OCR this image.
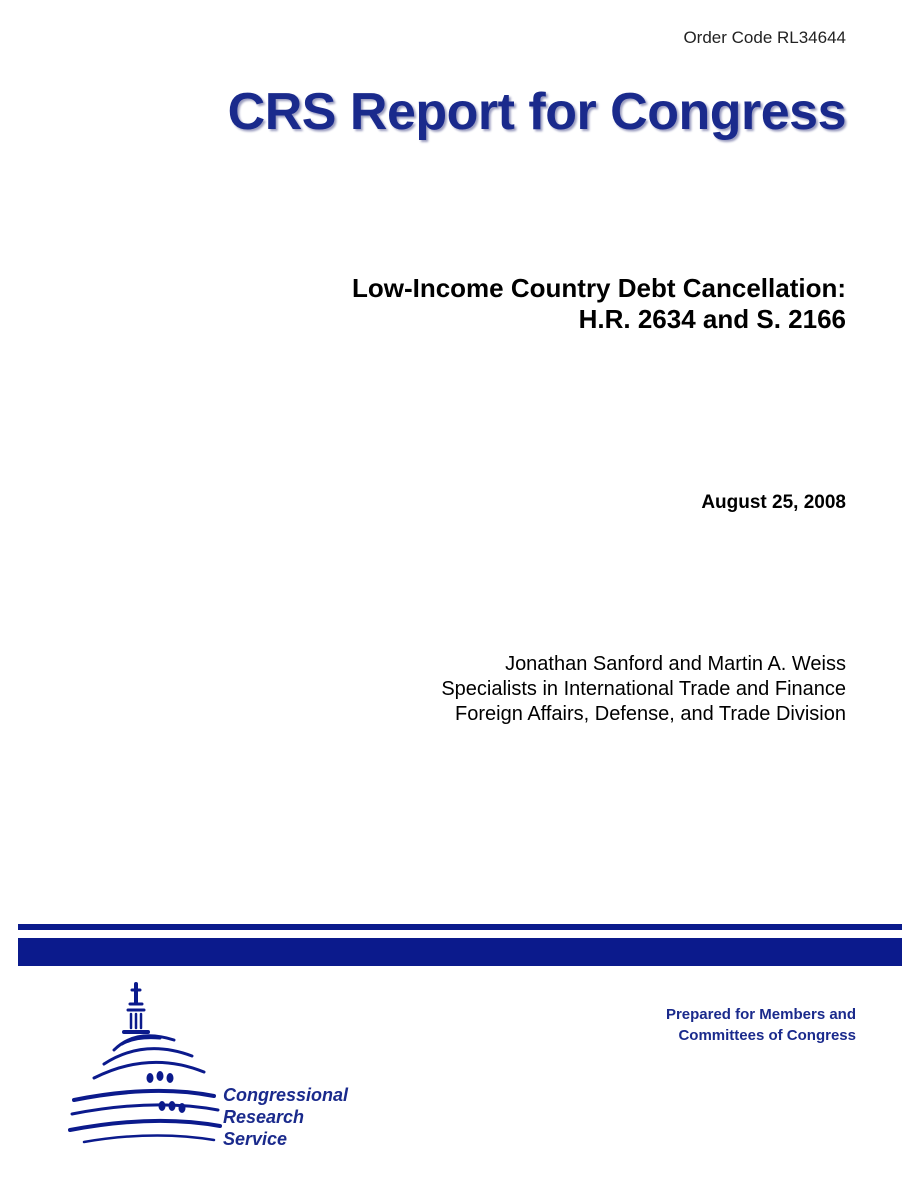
Order Code RL34644
CRS Report for Congress
Low-Income Country Debt Cancellation:
H.R. 2634 and S. 2166
August 25, 2008
Jonathan Sanford and Martin A. Weiss
Specialists in International Trade and Finance
Foreign Affairs, Defense, and Trade Division
Prepared for Members and
Committees of Congress
Congressional
Research
Service
